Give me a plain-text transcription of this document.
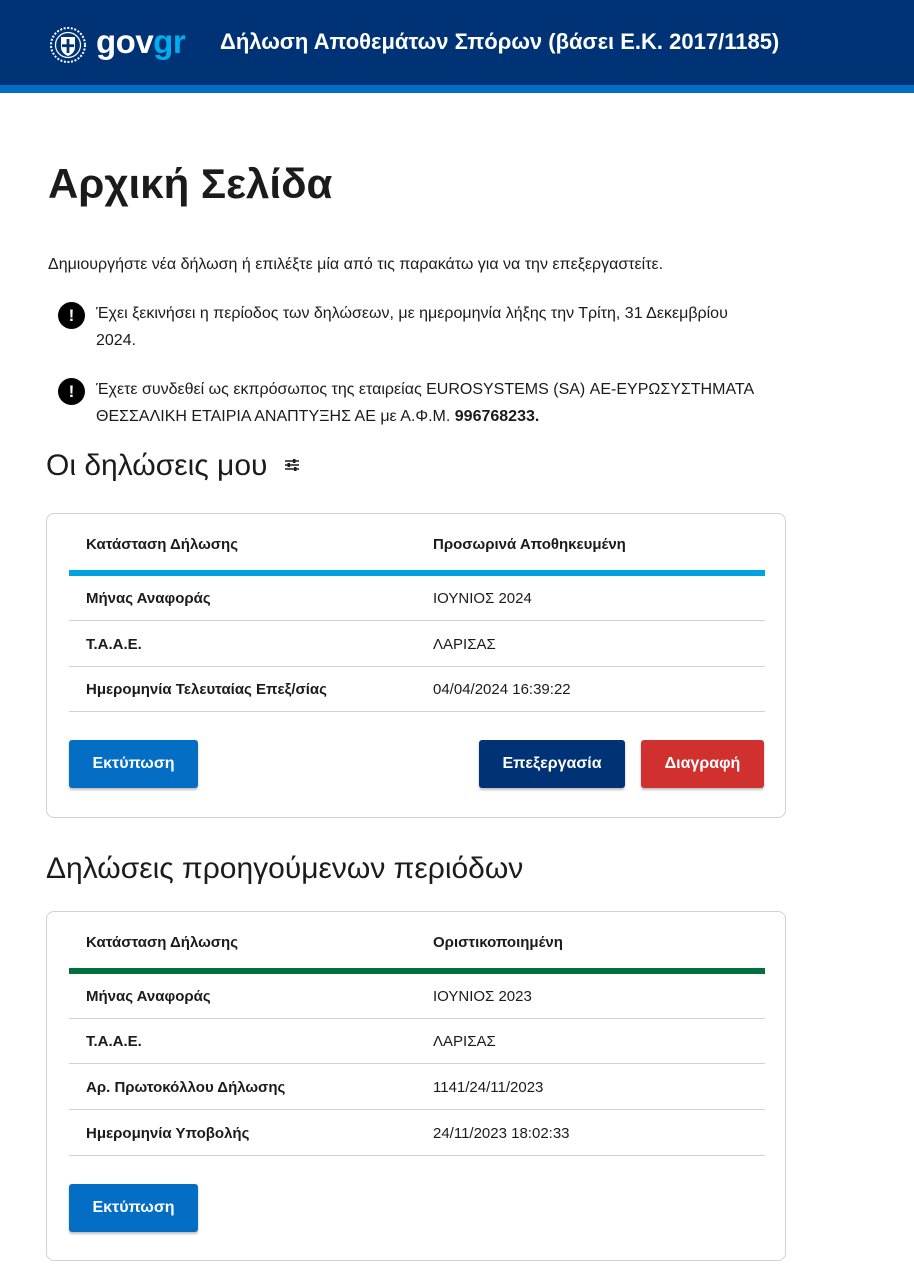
govgr Δήλωση Αποθεμάτων Σπόρων (βάσει Ε.Κ. 2017/1185)
Αρχική Σελίδα

Δημιουργήστε νέα δήλωση ή επιλέξτε μία από τις παρακάτω για να την επεξεργαστείτε.

!	Έχει ξεκινήσει η περίοδος των δηλώσεων, με ημερομηνία λήξης την Τρίτη, 31 Δεκεμβρίου 2024.
!	Έχετε συνδεθεί ως εκπρόσωπος της εταιρείας EUROSYSTEMS (SA) ΑΕ-ΕΥΡΩΣΥΣΤΗΜΑΤΑ ΘΕΣΣΑΛΙΚΗ ΕΤΑΙΡΙΑ ΑΝΑΠΤΥΞΗΣ ΑΕ με Α.Φ.Μ. 996768233.
Οι δηλώσεις μου
Κατάσταση Δήλωσης	Προσωρινά Αποθηκευμένη
Μήνας Αναφοράς	ΙΟΥΝΙΟΣ 2024
Τ.Α.Α.Ε.	ΛΑΡΙΣΑΣ
Ημερομηνία Τελευταίας Επεξ/σίας	04/04/2024 16:39:22
Εκτύπωση	Επεξεργασία	Διαγραφή
Δηλώσεις προηγούμενων περιόδων
Κατάσταση Δήλωσης	Οριστικοποιημένη
Μήνας Αναφοράς	ΙΟΥΝΙΟΣ 2023
Τ.Α.Α.Ε.	ΛΑΡΙΣΑΣ
Αρ. Πρωτοκόλλου Δήλωσης	1141/24/11/2023
Ημερομηνία Υποβολής	24/11/2023 18:02:33
Εκτύπωση
